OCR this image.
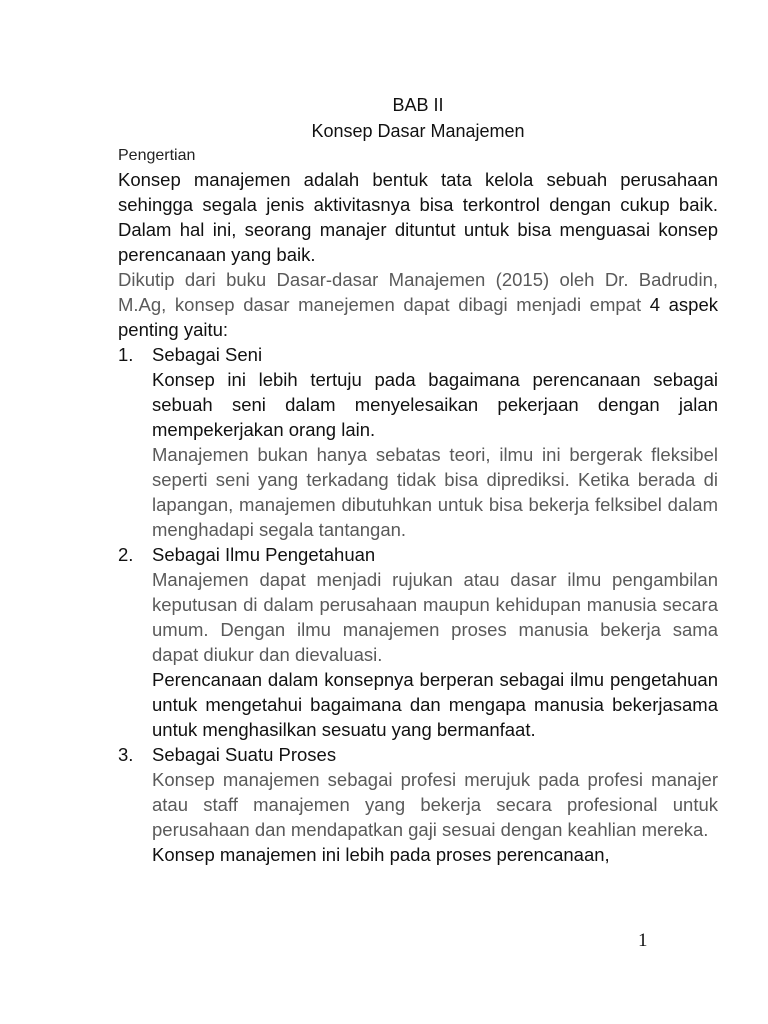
BAB II
Konsep Dasar Manajemen
Pengertian

Konsep manajemen adalah bentuk tata kelola sebuah perusahaan sehingga segala jenis aktivitasnya bisa terkontrol dengan cukup baik. Dalam hal ini, seorang manajer dituntut untuk bisa menguasai konsep perencanaan yang baik.

Dikutip dari buku Dasar-dasar Manajemen (2015) oleh Dr. Badrudin, M.Ag, konsep dasar manejemen dapat dibagi menjadi empat 4 aspek penting yaitu:

1. Sebagai Seni

Konsep ini lebih tertuju pada bagaimana perencanaan sebagai sebuah seni dalam menyelesaikan pekerjaan dengan jalan mempekerjakan orang lain.

Manajemen bukan hanya sebatas teori, ilmu ini bergerak fleksibel seperti seni yang terkadang tidak bisa diprediksi. Ketika berada di lapangan, manajemen dibutuhkan untuk bisa bekerja felksibel dalam menghadapi segala tantangan.

2. Sebagai Ilmu Pengetahuan

Manajemen dapat menjadi rujukan atau dasar ilmu pengambilan keputusan di dalam perusahaan maupun kehidupan manusia secara umum. Dengan ilmu manajemen proses manusia bekerja sama dapat diukur dan dievaluasi.

Perencanaan dalam konsepnya berperan sebagai ilmu pengetahuan untuk mengetahui bagaimana dan mengapa manusia bekerjasama untuk menghasilkan sesuatu yang bermanfaat.

3. Sebagai Suatu Proses

Konsep manajemen sebagai profesi merujuk pada profesi manajer atau staff manajemen yang bekerja secara profesional untuk perusahaan dan mendapatkan gaji sesuai dengan keahlian mereka.

Konsep manajemen ini lebih pada proses perencanaan,

1
